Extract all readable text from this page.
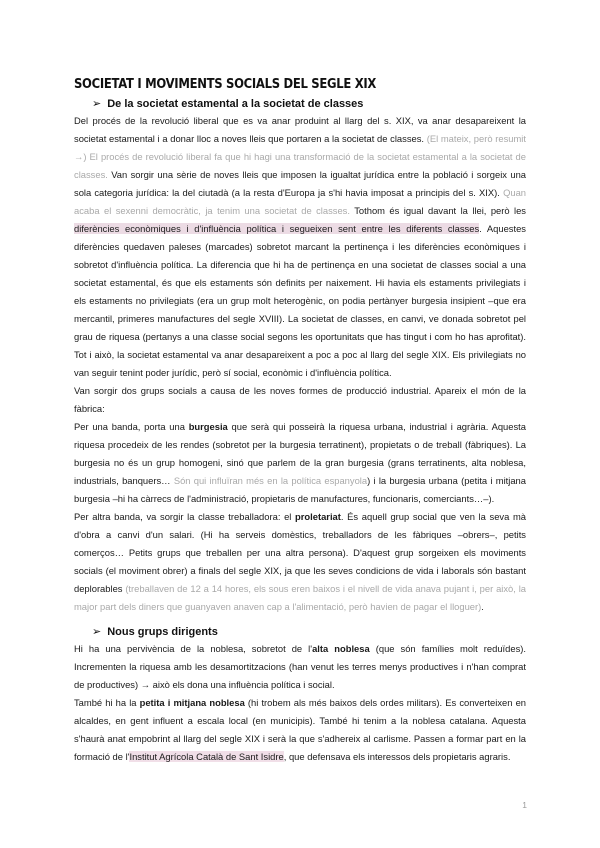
SOCIETAT I MOVIMENTS SOCIALS DEL SEGLE XIX
➢ De la societat estamental a la societat de classes

Del procés de la revolució liberal que es va anar produint al llarg del s. XIX, va anar desapareixent la societat estamental i a donar lloc a noves lleis que portaren a la societat de classes. (El mateix, però resumit →) El procés de revolució liberal fa que hi hagi una transformació de la societat estamental a la societat de classes. Van sorgir una sèrie de noves lleis que imposen la igualtat jurídica entre la població i sorgeix una sola categoria jurídica: la del ciutadà (a la resta d'Europa ja s'hi havia imposat a principis del s. XIX). Quan acaba el sexenni democràtic, ja tenim una societat de classes. Tothom és igual davant la llei, però les diferències econòmiques i d'influència política i segueixen sent entre les diferents classes. Aquestes diferències quedaven paleses (marcades) sobretot marcant la pertinença i les diferències econòmiques i sobretot d'influència política. La diferencia que hi ha de pertinença en una societat de classes social a una societat estamental, és que els estaments són definits per naixement. Hi havia els estaments privilegiats i els estaments no privilegiats (era un grup molt heterogènic, on podia pertànyer burgesia insipient –que era mercantil, primeres manufactures del segle XVIII). La societat de classes, en canvi, ve donada sobretot pel grau de riquesa (pertanys a una classe social segons les oportunitats que has tingut i com ho has aprofitat). Tot i això, la societat estamental va anar desapareixent a poc a poc al llarg del segle XIX. Els privilegiats no van seguir tenint poder jurídic, però sí social, econòmic i d'influència política.

Van sorgir dos grups socials a causa de les noves formes de producció industrial. Apareix el món de la fàbrica:

Per una banda, porta una burgesia que serà qui posseirà la riquesa urbana, industrial i agrària. Aquesta riquesa procedeix de les rendes (sobretot per la burgesia terratinent), propietats o de treball (fàbriques). La burgesia no és un grup homogeni, sinó que parlem de la gran burgesia (grans terratinents, alta noblesa, industrials, banquers… Són qui influïran més en la política espanyola) i la burgesia urbana (petita i mitjana burgesia –hi ha càrrecs de l'administració, propietaris de manufactures, funcionaris, comerciants…–).

Per altra banda, va sorgir la classe treballadora: el proletariat. És aquell grup social que ven la seva mà d'obra a canvi d'un salari. (Hi ha serveis domèstics, treballadors de les fàbriques –obrers–, petits comerços… Petits grups que treballen per una altra persona). D'aquest grup sorgeixen els moviments socials (el moviment obrer) a finals del segle XIX, ja que les seves condicions de vida i laborals són bastant deplorables (treballaven de 12 a 14 hores, els sous eren baixos i el nivell de vida anava pujant i, per això, la major part dels diners que guanyaven anaven cap a l'alimentació, però havien de pagar el lloguer).

➢ Nous grups dirigents

Hi ha una pervivència de la noblesa, sobretot de l'alta noblesa (que són famílies molt reduïdes). Incrementen la riquesa amb les desamortitzacions (han venut les terres menys productives i n'han comprat de productives) → això els dona una influència política i social.

També hi ha la petita i mitjana noblesa (hi trobem als més baixos dels ordes militars). Es converteixen en alcaldes, en gent influent a escala local (en municipis). També hi tenim a la noblesa catalana. Aquesta s'haurà anat empobrint al llarg del segle XIX i serà la que s'adhereix al carlisme. Passen a formar part en la formació de l'Institut Agrícola Català de Sant Isidre, que defensava els interessos dels propietaris agraris.

1
